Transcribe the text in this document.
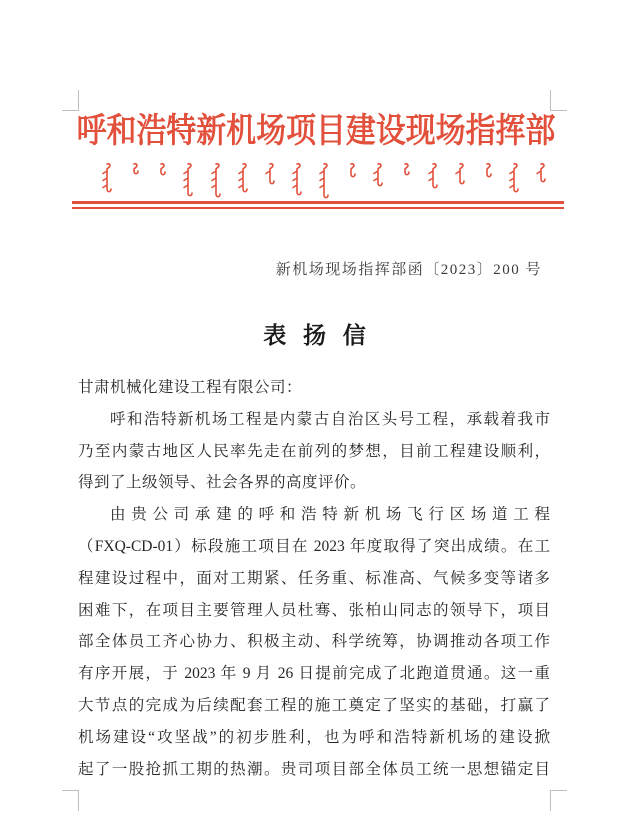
呼和浩特新机场项目建设现场指挥部
新机场现场指挥部函〔2023〕200 号
表 扬 信
甘肃机械化建设工程有限公司：
呼和浩特新机场工程是内蒙古自治区头号工程，承载着我市
乃至内蒙古地区人民率先走在前列的梦想，目前工程建设顺利，
得到了上级领导、社会各界的高度评价。
由贵公司承建的呼和浩特新机场飞行区场道工程
（FXQ-CD-01）标段施工项目在 2023 年度取得了突出成绩。在工
程建设过程中，面对工期紧、任务重、标准高、气候多变等诸多
困难下，在项目主要管理人员杜骞、张柏山同志的领导下，项目
部全体员工齐心协力、积极主动、科学统筹，协调推动各项工作
有序开展，于 2023 年 9 月 26 日提前完成了北跑道贯通。这一重
大节点的完成为后续配套工程的施工奠定了坚实的基础，打赢了
机场建设“攻坚战”的初步胜利，也为呼和浩特新机场的建设掀
起了一股抢抓工期的热潮。贵司项目部全体员工统一思想锚定目
